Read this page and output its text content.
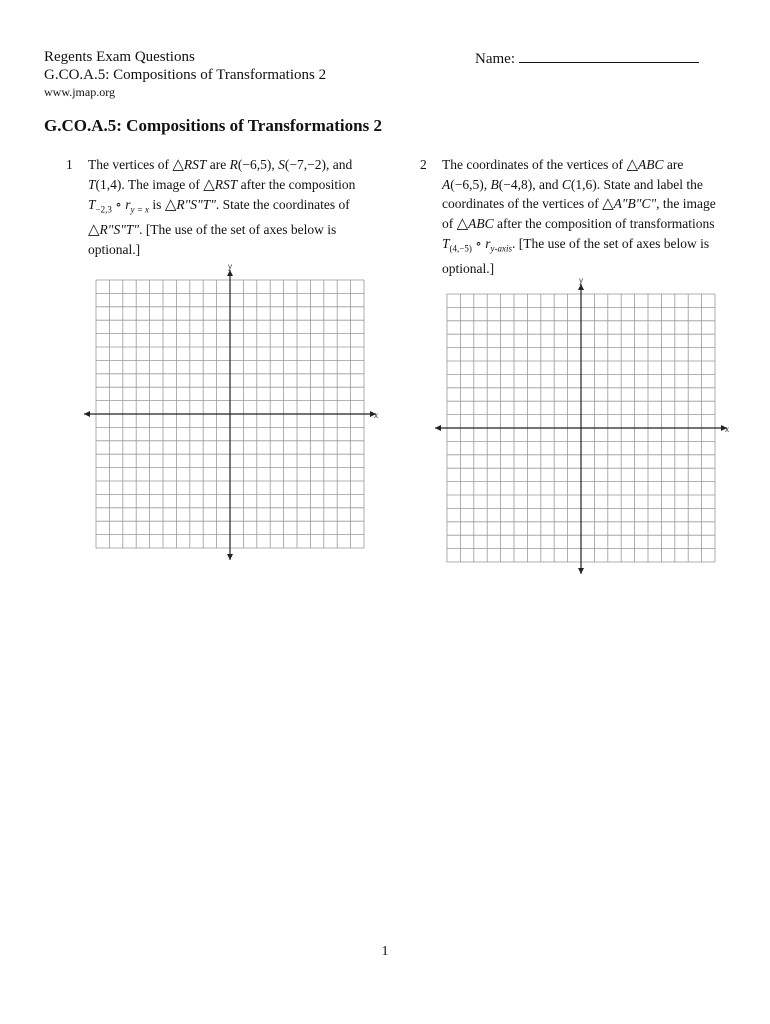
Regents Exam Questions
G.CO.A.5: Compositions of Transformations 2
www.jmap.org
Name:
G.CO.A.5: Compositions of Transformations 2
1 The vertices of △RST are R(−6,5), S(−7,−2), and
T(1,4). The image of △RST after the composition
$T_{-2,3}$ ∘ $r_{y = x}$ is △R"S"T". State the coordinates of
△R"S"T". [The use of the set of axes below is
optional.]
2 The coordinates of the vertices of △ABC are
A(−6,5), B(−4,8), and C(1,6). State and label the
coordinates of the vertices of △A"B"C", the image
of △ABC after the composition of transformations
$T_{(4,-5)}$ ∘ $r_{y-axis}$. [The use of the set of axes below is
optional.]
x
y
x
y
1
